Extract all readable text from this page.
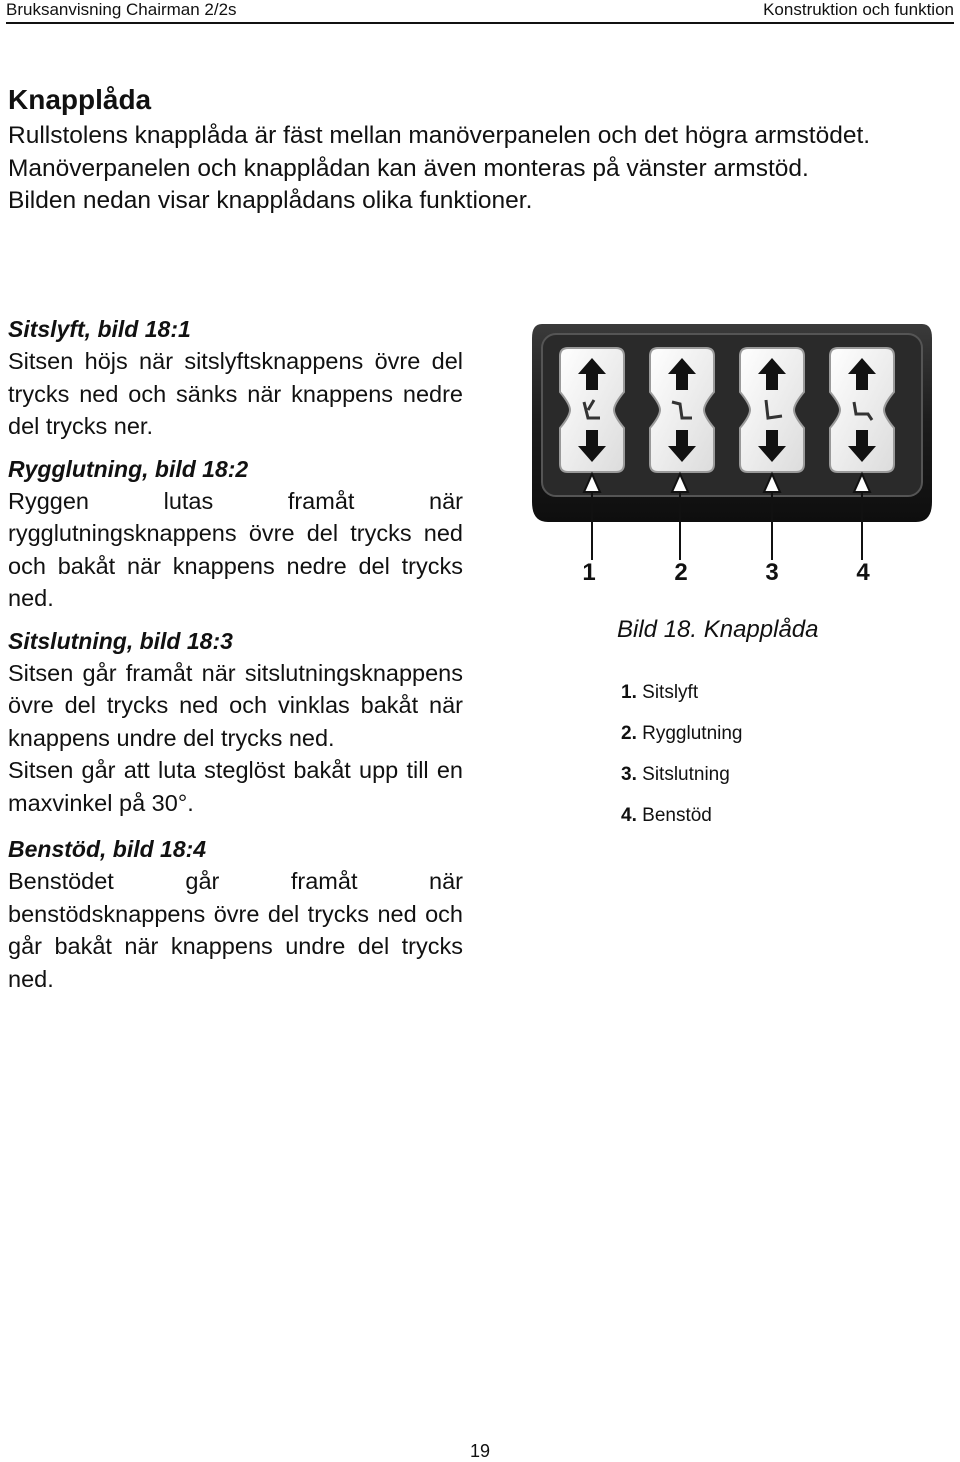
Bruksanvisning Chairman 2/2s	Konstruktion och funktion
Knapplåda

Rullstolens knapplåda är fäst mellan manöverpanelen och det högra armstödet.
Manöverpanelen och knapplådan kan även monteras på vänster armstöd.
Bilden nedan visar knapplådans olika funktioner.

Sitslyft, bild 18:1

Sitsen höjs när sitslyftsknappens övre del trycks ned och sänks när knappens nedre del trycks ner.

Rygglutning, bild 18:2

Ryggen lutas framåt när rygglutningsknappens övre del trycks ned och bakåt när knappens nedre del trycks ned.

Sitslutning, bild 18:3

Sitsen går framåt när sitslutningsknappens övre del trycks ned och vinklas bakåt när knappens undre del trycks ned.

Sitsen går att luta steglöst bakåt upp till en maxvinkel på 30°.

Benstöd, bild 18:4

Benstödet går framåt när benstödsknappens övre del trycks ned och går bakåt när knappens undre del trycks ned.

1	2	3	4

Bild 18. Knapplåda

1. Sitslyft
2. Rygglutning
3. Sitslutning
4. Benstöd
19
